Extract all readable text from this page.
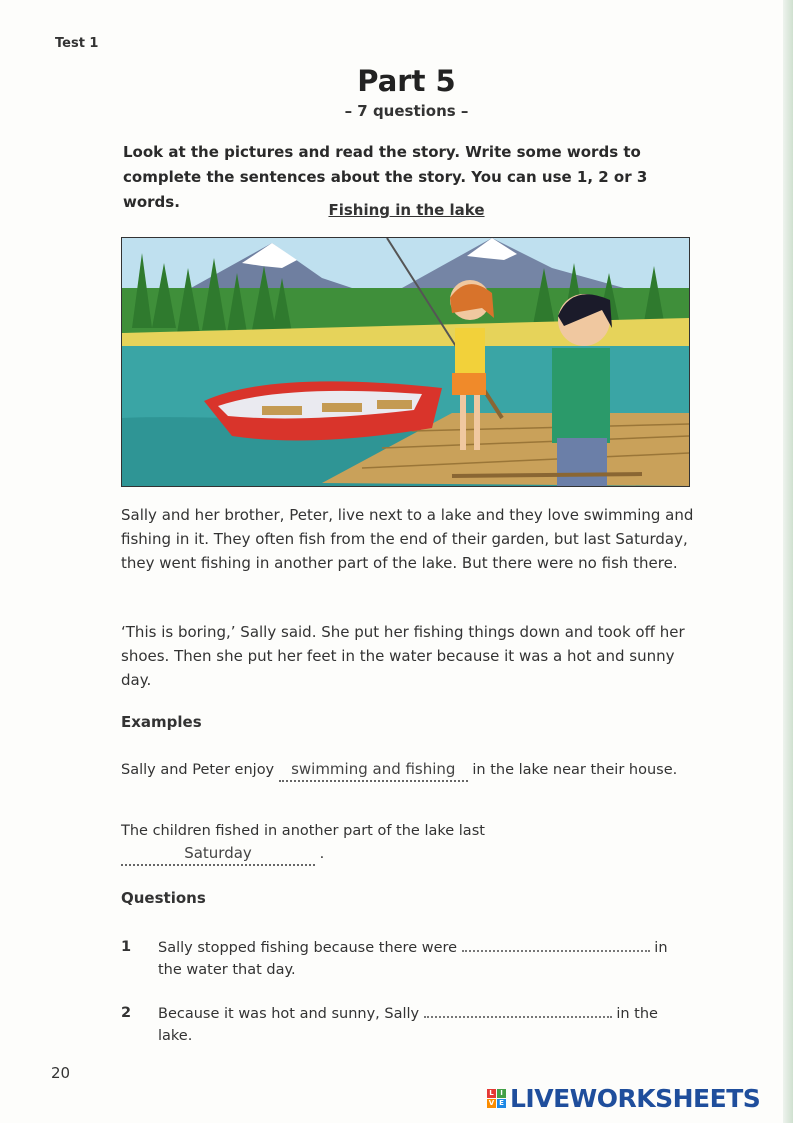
Test 1
Part 5
– 7 questions –
Look at the pictures and read the story. Write some words to complete the sentences about the story. You can use 1, 2 or 3 words.	Fishing in the lake
Sally and her brother, Peter, live next to a lake and they love swimming and fishing in it. They often fish from the end of their garden, but last Saturday, they went fishing in another part of the lake. But there were no fish there.
‘This is boring,’ Sally said. She put her fishing things down and took off her shoes. Then she put her feet in the water because it was a hot and sunny day.
Examples
Sally and Peter enjoy swimming and fishing in the lake near their house.
The children fished in another part of the lake last Saturday	.
Questions
1 Sally stopped fishing because there were	in the water that day.
2 Because it was hot and sunny, Sally	in the lake.
20
L I
V E LIVEWORKSHEETS
